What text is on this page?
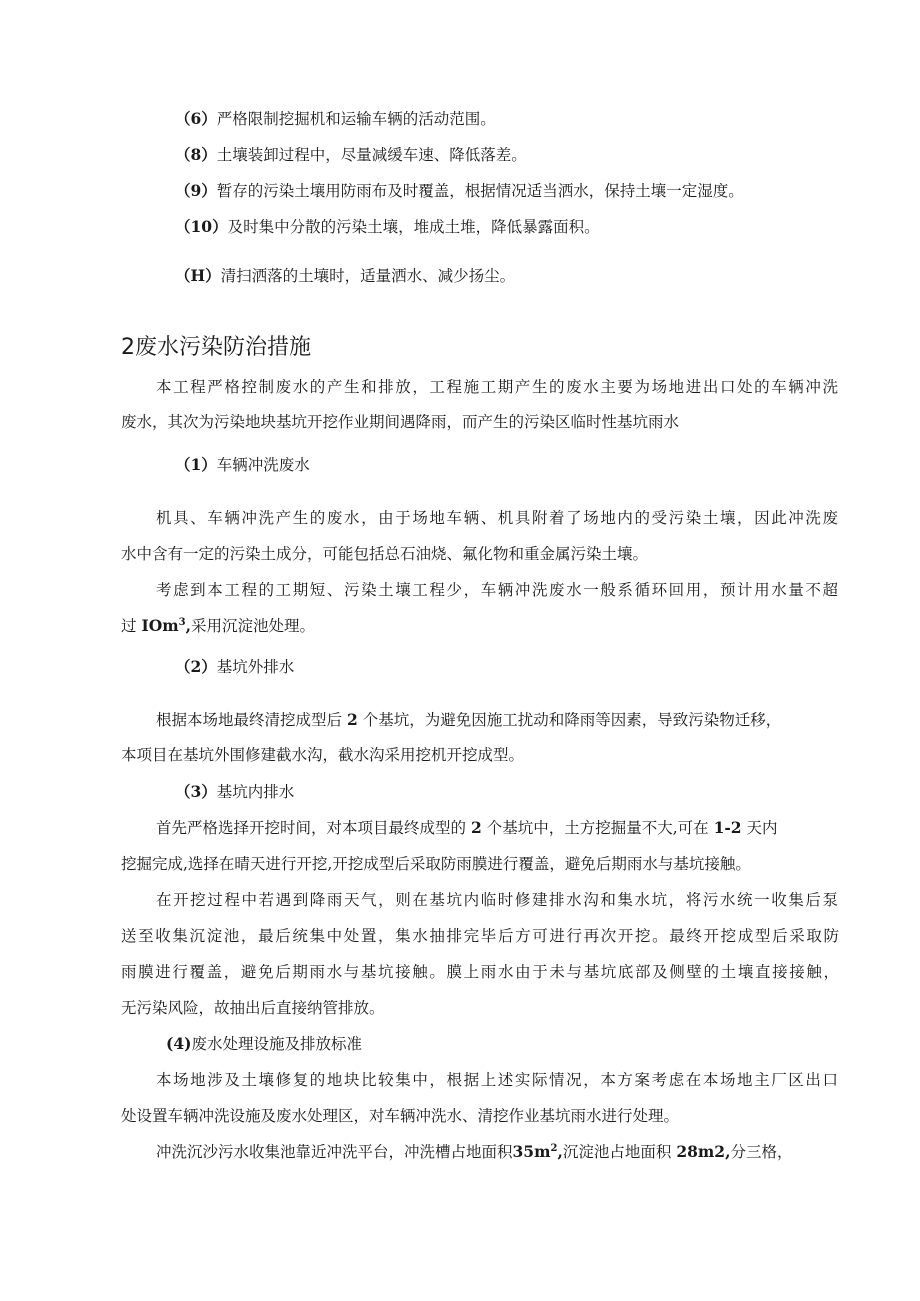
（6）严格限制挖掘机和运输车辆的活动范围。
（8）土壤装卸过程中，尽量减缓车速、降低落差。
（9）暂存的污染土壤用防雨布及时覆盖，根据情况适当洒水，保持土壤一定湿度。
（10）及时集中分散的污染土壤，堆成土堆，降低暴露面积。
（H）清扫洒落的土壤时，适量洒水、减少扬尘。
2废水污染防治措施
本工程严格控制废水的产生和排放，工程施工期产生的废水主要为场地进出口处的车辆冲洗
废水，其次为污染地块基坑开挖作业期间遇降雨，而产生的污染区临时性基坑雨水
（1）车辆冲洗废水
机具、车辆冲洗产生的废水，由于场地车辆、机具附着了场地内的受污染土壤，因此冲洗废
水中含有一定的污染土成分，可能包括总石油烧、氟化物和重金属污染土壤。
考虑到本工程的工期短、污染土壤工程少，车辆冲洗废水一般系循环回用，预计用水量不超
过 IOm$^3$,采用沉淀池处理。
（2）基坑外排水
根据本场地最终清挖成型后 2 个基坑，为避免因施工扰动和降雨等因素，导致污染物迁移，
本项目在基坑外围修建截水沟，截水沟采用挖机开挖成型。
（3）基坑内排水
首先严格选择开挖时间，对本项目最终成型的 2 个基坑中，土方挖掘量不大,可在 1-2 天内
挖掘完成,选择在晴天进行开挖,开挖成型后采取防雨膜进行覆盖，避免后期雨水与基坑接触。
在开挖过程中若遇到降雨天气，则在基坑内临时修建排水沟和集水坑，将污水统一收集后泵
送至收集沉淀池，最后统集中处置，集水抽排完毕后方可进行再次开挖。最终开挖成型后采取防
雨膜进行覆盖，避免后期雨水与基坑接触。膜上雨水由于未与基坑底部及侧壁的土壤直接接触，
无污染风险，故抽出后直接纳管排放。
(4)废水处理设施及排放标准
本场地涉及土壤修复的地块比较集中，根据上述实际情况，本方案考虑在本场地主厂区出口
处设置车辆冲洗设施及废水处理区，对车辆冲洗水、清挖作业基坑雨水进行处理。
冲洗沉沙污水收集池靠近冲洗平台，冲洗槽占地面积$35m^2$,沉淀池占地面积 28m2,分三格，
